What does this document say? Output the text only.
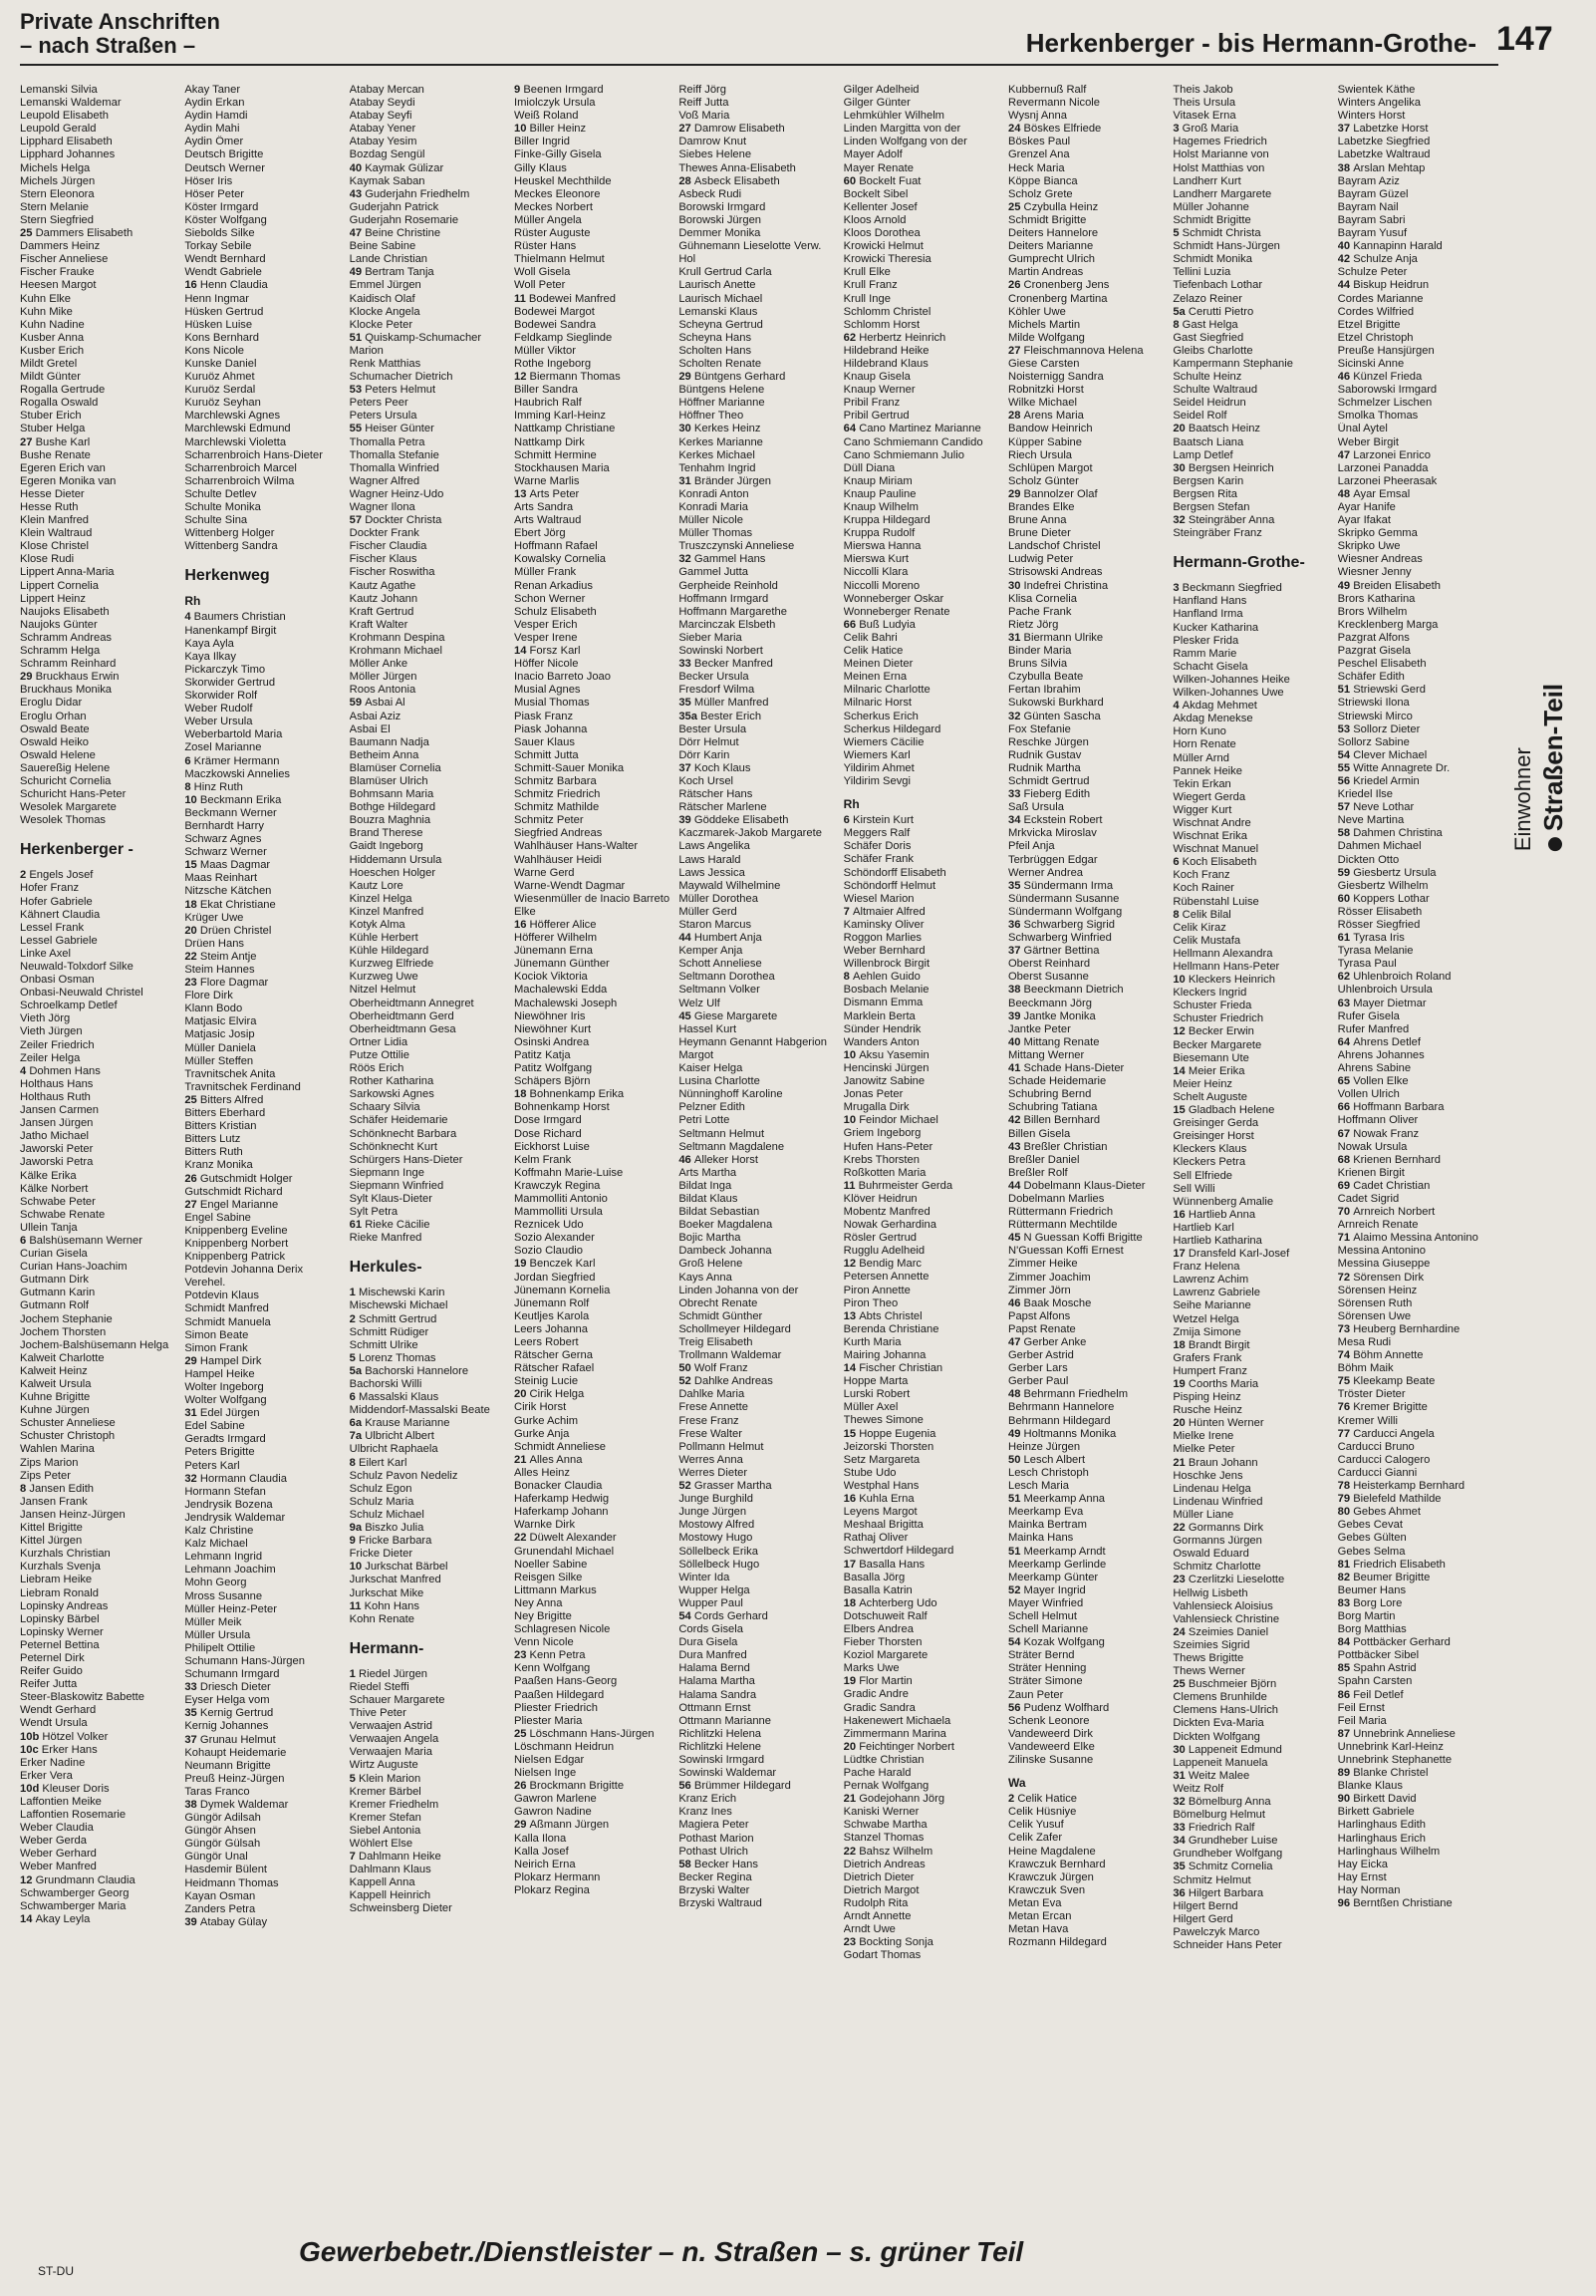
Private Anschriften
– nach Straßen –	Herkenberger - bis Hermann-Grothe- 147
Lemanski Silvia
Lemanski Waldemar
Leupold Elisabeth
Leupold Gerald
Lipphard Elisabeth
Lipphard Johannes
Michels Helga
Michels Jürgen
Stern Eleonora
Stern Melanie
Stern Siegfried
25 Dammers Elisabeth
Dammers Heinz
Fischer Anneliese
Fischer Frauke
Heesen Margot
Kuhn Elke
Kuhn Mike
Kuhn Nadine
Kusber Anna
Kusber Erich
Mildt Gretel
Mildt Günter
Rogalla Gertrude
Rogalla Oswald
Stuber Erich
Stuber Helga
27 Bushe Karl
Bushe Renate
Egeren Erich van
Egeren Monika van
Hesse Dieter
Hesse Ruth
Klein Manfred
Klein Waltraud
Klose Christel
Klose Rudi
Lippert Anna-Maria
Lippert Cornelia
Lippert Heinz
Naujoks Elisabeth
Naujoks Günter
Schramm Andreas
Schramm Helga
Schramm Reinhard
29 Bruckhaus Erwin
Bruckhaus Monika
Eroglu Didar
Eroglu Orhan
Oswald Beate
Oswald Heiko
Oswald Helene
Sauereßig Helene
Schuricht Cornelia
Schuricht Hans-Peter
Wesolek Margarete
Wesolek Thomas
Herkenberger -
2 Engels Josef
Hofer Franz
Hofer Gabriele
Kähnert Claudia
Lessel Frank
Lessel Gabriele
Linke Axel
Neuwald-Tolxdorf Silke
Onbasi Osman
Onbasi-Neuwald Christel
Schroelkamp Detlef
Vieth Jörg
Vieth Jürgen
Zeiler Friedrich
Zeiler Helga
4 Dohmen Hans
Holthaus Hans
Holthaus Ruth
Jansen Carmen
Jansen Jürgen
Jatho Michael
Jaworski Peter
Jaworski Petra
Kälke Erika
Kälke Norbert
Schwabe Peter
Schwabe Renate
Ullein Tanja
6 Balshüsemann Werner
Curian Gisela
Curian Hans-Joachim
Gutmann Dirk
Gutmann Karin
Gutmann Rolf
Jochem Stephanie
Jochem Thorsten
Jochem-Balshüsemann Helga
Kalweit Charlotte
Kalweit Heinz
Kalweit Ursula
Kuhne Brigitte
Kuhne Jürgen
Schuster Anneliese
Schuster Christoph
Wahlen Marina
Zips Marion
Zips Peter
8 Jansen Edith
Jansen Frank
Jansen Heinz-Jürgen
Kittel Brigitte
Kittel Jürgen
Kurzhals Christian
Kurzhals Svenja
Liebram Heike
Liebram Ronald
Lopinsky Andreas
Lopinsky Bärbel
Lopinsky Werner
Peternel Bettina
Peternel Dirk
Reifer Guido
Reifer Jutta
Steer-Blaskowitz Babette
Wendt Gerhard
Wendt Ursula
10b Hötzel Volker
10c Erker Hans
Erker Nadine
Erker Vera
10d Kleuser Doris
Laffontien Meike
Laffontien Rosemarie
Weber Claudia
Weber Gerda
Weber Gerhard
Weber Manfred
12 Grundmann Claudia
Schwamberger Georg
Schwamberger Maria
14 Akay Leyla
Akay Taner
Aydin Erkan
Aydin Hamdi
Aydin Mahi
Aydin Ömer
Deutsch Brigitte
Deutsch Werner
Höser Iris
Höser Peter
Köster Irmgard
Köster Wolfgang
Siebolds Silke
Torkay Sebile
Wendt Bernhard
Wendt Gabriele
16 Henn Claudia
Henn Ingmar
Hüsken Gertrud
Hüsken Luise
Kons Bernhard
Kons Nicole
Kunske Daniel
Kuruöz Ahmet
Kuruöz Serdal
Kuruöz Seyhan
Marchlewski Agnes
Marchlewski Edmund
Marchlewski Violetta
Scharrenbroich Hans-Dieter
Scharrenbroich Marcel
Scharrenbroich Wilma
Schulte Detlev
Schulte Monika
Schulte Sina
Wittenberg Holger
Wittenberg Sandra
Herkenweg
Rh
4 Baumers Christian
Hanenkampf Birgit
Kaya Ayla
Kaya Ilkay
Pickarczyk Timo
Skorwider Gertrud
Skorwider Rolf
Weber Rudolf
Weber Ursula
Weberbartold Maria
Zosel Marianne
6 Krämer Hermann
Maczkowski Annelies
8 Hinz Ruth
10 Beckmann Erika
Beckmann Werner
Bernhardt Harry
Schwarz Agnes
Schwarz Werner
15 Maas Dagmar
Maas Reinhart
Nitzsche Kätchen
18 Ekat Christiane
Krüger Uwe
20 Drüen Christel
Drüen Hans
22 Steim Antje
Steim Hannes
23 Flore Dagmar
Flore Dirk
Klann Bodo
Matjasic Elvira
Matjasic Josip
Müller Daniela
Müller Steffen
Travnitschek Anita
Travnitschek Ferdinand
25 Bitters Alfred
Bitters Eberhard
Bitters Kristian
Bitters Lutz
Bitters Ruth
Kranz Monika
26 Gutschmidt Holger
Gutschmidt Richard
27 Engel Marianne
Engel Sabine
Knippenberg Eveline
Knippenberg Norbert
Knippenberg Patrick
Potdevin Johanna Derix Verehel.
Potdevin Klaus
Schmidt Manfred
Schmidt Manuela
Simon Beate
Simon Frank
29 Hampel Dirk
Hampel Heike
Wolter Ingeborg
Wolter Wolfgang
31 Edel Jürgen
Edel Sabine
Geradts Irmgard
Peters Brigitte
Peters Karl
32 Hormann Claudia
Hormann Stefan
Jendrysik Bozena
Jendrysik Waldemar
Kalz Christine
Kalz Michael
Lehmann Ingrid
Lehmann Joachim
Mohn Georg
Mross Susanne
Müller Heinz-Peter
Müller Meik
Müller Ursula
Philipelt Ottilie
Schumann Hans-Jürgen
Schumann Irmgard
33 Driesch Dieter
Eyser Helga vom
35 Kernig Gertrud
Kernig Johannes
37 Grunau Helmut
Kohaupt Heidemarie
Neumann Brigitte
Preuß Heinz-Jürgen
Taras Franco
38 Dymek Waldemar
Güngör Adilsah
Güngör Ahsen
Güngör Gülsah
Güngör Unal
Hasdemir Bülent
Heidmann Thomas
Kayan Osman
Zanders Petra
39 Atabay Gülay
Atabay Mercan
Atabay Seydi
Atabay Seyfi
Atabay Yener
Atabay Yesim
Bozdag Sengül
40 Kaymak Gülizar
Kaymak Saban
43 Guderjahn Friedhelm
Guderjahn Patrick
Guderjahn Rosemarie
47 Beine Christine
Beine Sabine
Lande Christian
49 Bertram Tanja
Emmel Jürgen
Kaidisch Olaf
Klocke Angela
Klocke Peter
51 Quiskamp-Schumacher Marion
Renk Matthias
Schumacher Dietrich
53 Peters Helmut
Peters Peer
Peters Ursula
55 Heiser Günter
Thomalla Petra
Thomalla Stefanie
Thomalla Winfried
Wagner Alfred
Wagner Heinz-Udo
Wagner Ilona
57 Dockter Christa
Dockter Frank
Fischer Claudia
Fischer Klaus
Fischer Roswitha
Kautz Agathe
Kautz Johann
Kraft Gertrud
Kraft Walter
Krohmann Despina
Krohmann Michael
Möller Anke
Möller Jürgen
Roos Antonia
59 Asbai Al
Asbai Aziz
Asbai El
Baumann Nadja
Betheim Anna
Blamüser Cornelia
Blamüser Ulrich
Bohmsann Maria
Bothge Hildegard
Bouzra Maghnia
Brand Therese
Gaidt Ingeborg
Hiddemann Ursula
Hoeschen Holger
Kautz Lore
Kinzel Helga
Kinzel Manfred
Kotyk Alma
Kühle Herbert
Kühle Hildegard
Kurzweg Elfriede
Kurzweg Uwe
Nitzel Helmut
Oberheidtmann Annegret
Oberheidtmann Gerd
Oberheidtmann Gesa
Ortner Lidia
Putze Ottilie
Röös Erich
Rother Katharina
Sarkowski Agnes
Schaary Silvia
Schäfer Heidemarie
Schönknecht Barbara
Schönknecht Kurt
Schürgers Hans-Dieter
Siepmann Inge
Siepmann Winfried
Sylt Klaus-Dieter
Sylt Petra
61 Rieke Cäcilie
Rieke Manfred
Herkules-
1 Mischewski Karin
Mischewski Michael
2 Schmitt Gertrud
Schmitt Rüdiger
Schmitt Ulrike
5 Lorenz Thomas
5a Bachorski Hannelore
Bachorski Willi
6 Massalski Klaus
Middendorf-Massalski Beate
6a Krause Marianne
7a Ulbricht Albert
Ulbricht Raphaela
8 Eilert Karl
Schulz Pavon Nedeliz
Schulz Egon
Schulz Maria
Schulz Michael
9a Biszko Julia
9 Fricke Barbara
Fricke Dieter
10 Jurkschat Bärbel
Jurkschat Manfred
Jurkschat Mike
11 Kohn Hans
Kohn Renate
Hermann-
1 Riedel Jürgen
Riedel Steffi
Schauer Margarete
Thive Peter
Verwaajen Astrid
Verwaajen Angela
Verwaajen Maria
Wirtz Auguste
5 Klein Marion
Kremer Bärbel
Kremer Friedhelm
Kremer Stefan
Siebel Antonia
Wöhlert Else
7 Dahlmann Heike
Dahlmann Klaus
Kappell Anna
Kappell Heinrich
Schweinsberg Dieter
9 Beenen Irmgard
Imiolczyk Ursula
Weiß Roland
10 Biller Heinz
Biller Ingrid
Finke-Gilly Gisela
Gilly Klaus
Heuskel Mechthilde
Meckes Eleonore
Meckes Norbert
Müller Angela
Rüster Auguste
Rüster Hans
Thielmann Helmut
Woll Gisela
Woll Peter
11 Bodewei Manfred
Bodewei Margot
Bodewei Sandra
Feldkamp Sieglinde
Müller Viktor
Rothe Ingeborg
12 Biermann Thomas
Biller Sandra
Haubrich Ralf
Imming Karl-Heinz
Nattkamp Christiane
Nattkamp Dirk
Schmitt Hermine
Stockhausen Maria
Warne Marlis
13 Arts Peter
Arts Sandra
Arts Waltraud
Ebert Jörg
Hoffmann Rafael
Kowalsky Cornelia
Müller Frank
Renan Arkadius
Schon Werner
Schulz Elisabeth
Vesper Erich
Vesper Irene
14 Forsz Karl
Höffer Nicole
Inacio Barreto Joao
Musial Agnes
Musial Thomas
Piask Franz
Piask Johanna
Sauer Klaus
Schmitt Jutta
Schmitt-Sauer Monika
Schmitz Barbara
Schmitz Friedrich
Schmitz Mathilde
Schmitz Peter
Siegfried Andreas
Wahlhäuser Hans-Walter
Wahlhäuser Heidi
Warne Gerd
Warne-Wendt Dagmar
Wiesenmüller de Inacio Barreto Elke
16 Höfferer Alice
Höfferer Wilhelm
Jünemann Erna
Jünemann Günther
Kociok Viktoria
Machalewski Edda
Machalewski Joseph
Niewöhner Iris
Niewöhner Kurt
Osinski Andrea
Patitz Katja
Patitz Wolfgang
Schäpers Björn
18 Bohnenkamp Erika
Bohnenkamp Horst
Dose Irmgard
Dose Richard
Eickhorst Luise
Kelm Frank
Koffmahn Marie-Luise
Krawczyk Regina
Mammolliti Antonio
Mammolliti Ursula
Reznicek Udo
Sozio Alexander
Sozio Claudio
19 Benczek Karl
Jordan Siegfried
Jünemann Kornelia
Jünemann Rolf
Keutljes Karola
Leers Johanna
Leers Robert
Rätscher Gerna
Rätscher Rafael
Steinig Lucie
20 Cirik Helga
Cirik Horst
Gurke Achim
Gurke Anja
Schmidt Anneliese
21 Alles Anna
Alles Heinz
Bonacker Claudia
Haferkamp Hedwig
Haferkamp Johann
Warnke Dirk
22 Düwelt Alexander
Grunendahl Michael
Noeller Sabine
Reisgen Silke
Littmann Markus
Ney Anna
Ney Brigitte
Schlagresen Nicole
Venn Nicole
23 Kenn Petra
Kenn Wolfgang
Paaßen Hans-Georg
Paaßen Hildegard
Pliester Friedrich
Pliester Maria
25 Löschmann Hans-Jürgen
Löschmann Heidrun
Nielsen Edgar
Nielsen Inge
26 Brockmann Brigitte
Gawron Marlene
Gawron Nadine
29 Aßmann Jürgen
Kalla Ilona
Kalla Josef
Neirich Erna
Plokarz Hermann
Plokarz Regina
Reiff Jörg
Reiff Jutta
Voß Maria
27 Damrow Elisabeth
Damrow Knut
Siebes Helene
Thewes Anna-Elisabeth
28 Asbeck Elisabeth
Asbeck Rudi
Borowski Irmgard
Borowski Jürgen
Demmer Monika
Gühnemann Lieselotte Verw. Hol
Krull Gertrud Carla
Laurisch Anette
Laurisch Michael
Lemanski Klaus
Scheyna Gertrud
Scheyna Hans
Scholten Hans
Scholten Renate
29 Büntgens Gerhard
Büntgens Helene
Höffner Marianne
Höffner Theo
30 Kerkes Heinz
Kerkes Marianne
Kerkes Michael
Tenhahm Ingrid
31 Bränder Jürgen
Konradi Anton
Konradi Maria
Müller Nicole
Müller Thomas
Truszczynski Anneliese
32 Gammel Hans
Gammel Jutta
Gerpheide Reinhold
Hoffmann Irmgard
Hoffmann Margarethe
Marcinczak Elsbeth
Sieber Maria
Sowinski Norbert
33 Becker Manfred
Becker Ursula
Fresdorf Wilma
35 Müller Manfred
35a Bester Erich
Bester Ursula
Dörr Helmut
Dörr Karin
37 Koch Klaus
Koch Ursel
Rätscher Hans
Rätscher Marlene
39 Göddeke Elisabeth
Kaczmarek-Jakob Margarete
Laws Angelika
Laws Harald
Laws Jessica
Maywald Wilhelmine
Müller Dorothea
Müller Gerd
Staron Marcus
44 Humbert Anja
Kemper Anja
Schott Anneliese
Seltmann Dorothea
Seltmann Volker
Welz Ulf
45 Giese Margarete
Hassel Kurt
Heymann Genannt Habgerion Margot
Kaiser Helga
Lusina Charlotte
Nünninghoff Karoline
Pelzner Edith
Petri Lotte
Seltmann Helmut
Seltmann Magdalene
46 Alleker Horst
Arts Martha
Bildat Inga
Bildat Klaus
Bildat Sebastian
Boeker Magdalena
Bojic Martha
Dambeck Johanna
Groß Helene
Kays Anna
Linden Johanna von der
Obrecht Renate
Schmidt Günther
Schollmeyer Hildegard
Treig Elisabeth
Trollmann Waldemar
50 Wolf Franz
52 Dahlke Andreas
Dahlke Maria
Frese Annette
Frese Franz
Frese Walter
Pollmann Helmut
Werres Anna
Werres Dieter
52 Grasser Martha
Junge Burghild
Junge Jürgen
Mostowy Alfred
Mostowy Hugo
Söllelbeck Erika
Söllelbeck Hugo
Winter Ida
Wupper Helga
Wupper Paul
54 Cords Gerhard
Cords Gisela
Dura Gisela
Dura Manfred
Halama Bernd
Halama Martha
Halama Sandra
Ottmann Ernst
Ottmann Marianne
Richlitzki Helena
Richlitzki Helene
Sowinski Irmgard
Sowinski Waldemar
56 Brümmer Hildegard
Kranz Erich
Kranz Ines
Magiera Peter
Pothast Marion
Pothast Ulrich
58 Becker Hans
Becker Regina
Brzyski Walter
Brzyski Waltraud
Gilger Adelheid
Gilger Günter
Lehmkühler Wilhelm
Linden Margitta von der
Linden Wolfgang von der
Mayer Adolf
Mayer Renate
60 Bockelt Fuat
Bockelt Sibel
Kellenter Josef
Kloos Arnold
Kloos Dorothea
Krowicki Helmut
Krowicki Theresia
Krull Elke
Krull Franz
Krull Inge
Schlomm Christel
Schlomm Horst
62 Herbertz Heinrich
Hildebrand Heike
Hildebrand Klaus
Knaup Gisela
Knaup Werner
Pribil Franz
Pribil Gertrud
64 Cano Martinez Marianne
Cano Schmiemann Candido
Cano Schmiemann Julio
Düll Diana
Knaup Miriam
Knaup Pauline
Knaup Wilhelm
Kruppa Hildegard
Kruppa Rudolf
Mierswa Hanna
Mierswa Kurt
Niccolli Klara
Niccolli Moreno
Wonneberger Oskar
Wonneberger Renate
66 Buß Ludyia
Celik Bahri
Celik Hatice
Meinen Dieter
Meinen Erna
Milnaric Charlotte
Milnaric Horst
Scherkus Erich
Scherkus Hildegard
Wiemers Cäcilie
Wiemers Karl
Yildirim Ahmet
Yildirim Sevgi
Rh
6 Kirstein Kurt
Meggers Ralf
Schäfer Doris
Schäfer Frank
Schöndorff Elisabeth
Schöndorff Helmut
Wiesel Marion
7 Altmaier Alfred
Kaminsky Oliver
Roggon Marlies
Weber Bernhard
Willenbrock Birgit
8 Aehlen Guido
Bosbach Melanie
Dismann Emma
Marklein Berta
Sünder Hendrik
Wanders Anton
10 Aksu Yasemin
Hencinski Jürgen
Janowitz Sabine
Jonas Peter
Mrugalla Dirk
10 Feindor Michael
Griem Ingeborg
Hufen Hans-Peter
Krebs Thorsten
Roßkotten Maria
11 Buhrmeister Gerda
Klöver Heidrun
Mobentz Manfred
Nowak Gerhardina
Rösler Gertrud
Rugglu Adelheid
12 Bendig Marc
Petersen Annette
Piron Annette
Piron Theo
13 Abts Christel
Berenda Christiane
Kurth Maria
Mairing Johanna
14 Fischer Christian
Hoppe Marta
Lurski Robert
Müller Axel
Thewes Simone
15 Hoppe Eugenia
Jeizorski Thorsten
Setz Margareta
Stube Udo
Westphal Hans
16 Kuhla Erna
Leyens Margot
Meshaal Brigitta
Rathaj Oliver
Schwertdorf Hildegard
17 Basalla Hans
Basalla Jörg
Basalla Katrin
18 Achterberg Udo
Dotschuweit Ralf
Elbers Andrea
Fieber Thorsten
Koziol Margarete
Marks Uwe
19 Flor Martin
Gradic Andre
Gradic Sandra
Hakenewert Michaela
Zimmermann Marina
20 Feichtinger Norbert
Lüdtke Christian
Pache Harald
Pernak Wolfgang
21 Godejohann Jörg
Kaniski Werner
Schwabe Martha
Stanzel Thomas
22 Bahsz Wilhelm
Dietrich Andreas
Dietrich Dieter
Dietrich Margot
Rudolph Rita
Arndt Annette
Arndt Uwe
23 Bockting Sonja
Godart Thomas
Kubbernuß Ralf
Revermann Nicole
Wysnj Anna
24 Böskes Elfriede
Böskes Paul
Grenzel Ana
Heck Maria
Köppe Bianca
Scholz Grete
25 Czybulla Heinz
Schmidt Brigitte
Deiters Hannelore
Deiters Marianne
Gumprecht Ulrich
Martin Andreas
26 Cronenberg Jens
Cronenberg Martina
Köhler Uwe
Michels Martin
Milde Wolfgang
27 Fleischmannova Helena
Giese Carsten
Noisternigg Sandra
Robnitzki Horst
Wilke Michael
28 Arens Maria
Bandow Heinrich
Küpper Sabine
Riech Ursula
Schlüpen Margot
Scholz Günter
29 Bannolzer Olaf
Brandes Elke
Brune Anna
Brune Dieter
Landschof Christel
Ludwig Peter
Strisowski Andreas
30 Indefrei Christina
Klisa Cornelia
Pache Frank
Rietz Jörg
31 Biermann Ulrike
Binder Maria
Bruns Silvia
Czybulla Beate
Fertan Ibrahim
Sukowski Burkhard
32 Günten Sascha
Fox Stefanie
Reschke Jürgen
Rudnik Gustav
Rudnik Martha
Schmidt Gertrud
33 Fieberg Edith
Saß Ursula
34 Eckstein Robert
Mrkvicka Miroslav
Pfeil Anja
Terbrüggen Edgar
Werner Andrea
35 Sündermann Irma
Sündermann Susanne
Sündermann Wolfgang
36 Schwarberg Sigrid
Schwarberg Winfried
37 Gärtner Bettina
Oberst Reinhard
Oberst Susanne
38 Beeckmann Dietrich
Beeckmann Jörg
39 Jantke Monika
Jantke Peter
40 Mittang Renate
Mittang Werner
41 Schade Hans-Dieter
Schade Heidemarie
Schubring Bernd
Schubring Tatiana
42 Billen Bernhard
Billen Gisela
43 Breßler Christian
Breßler Daniel
Breßler Rolf
44 Dobelmann Klaus-Dieter
Dobelmann Marlies
Rüttermann Friedrich
Rüttermann Mechtilde
45 N Guessan Koffi Brigitte
N'Guessan Koffi Ernest
Zimmer Heike
Zimmer Joachim
Zimmer Jörn
46 Baak Mosche
Papst Alfons
Papst Renate
47 Gerber Anke
Gerber Astrid
Gerber Lars
Gerber Paul
48 Behrmann Friedhelm
Behrmann Hannelore
Behrmann Hildegard
49 Holtmanns Monika
Heinze Jürgen
50 Lesch Albert
Lesch Christoph
Lesch Maria
51 Meerkamp Anna
Meerkamp Eva
Mainka Bertram
Mainka Hans
51 Meerkamp Arndt
Meerkamp Gerlinde
Meerkamp Günter
52 Mayer Ingrid
Mayer Winfried
Schell Helmut
Schell Marianne
54 Kozak Wolfgang
Sträter Bernd
Sträter Henning
Sträter Simone
Zaun Peter
56 Pudenz Wolfhard
Schenk Leonore
Vandeweerd Dirk
Vandeweerd Elke
Zilinske Susanne
Wa
2 Celik Hatice
Celik Hüsniye
Celik Yusuf
Celik Zafer
Heine Magdalene
Krawczuk Bernhard
Krawczuk Jürgen
Krawczuk Sven
Metan Eva
Metan Ercan
Metan Hava
Rozmann Hildegard
Theis Jakob
Theis Ursula
Vitasek Erna
3 Groß Maria
Hagemes Friedrich
Holst Marianne von
Holst Matthias von
Landherr Kurt
Landherr Margarete
Müller Johanne
Schmidt Brigitte
5 Schmidt Christa
Schmidt Hans-Jürgen
Schmidt Monika
Tellini Luzia
Tiefenbach Lothar
Zelazo Reiner
5a Cerutti Pietro
8 Gast Helga
Gast Siegfried
Gleibs Charlotte
Kampermann Stephanie
Schulte Heinz
Schulte Waltraud
Seidel Heidrun
Seidel Rolf
20 Baatsch Heinz
Baatsch Liana
Lamp Detlef
30 Bergsen Heinrich
Bergsen Karin
Bergsen Rita
Bergsen Stefan
32 Steingräber Anna
Steingräber Franz
Hermann-Grothe-
3 Beckmann Siegfried
Hanfland Hans
Hanfland Irma
Kucker Katharina
Plesker Frida
Ramm Marie
Schacht Gisela
Wilken-Johannes Heike
Wilken-Johannes Uwe
4 Akdag Mehmet
Akdag Menekse
Horn Kuno
Horn Renate
Müller Arnd
Pannek Heike
Tekin Erkan
Wiegert Gerda
Wigger Kurt
Wischnat Andre
Wischnat Erika
Wischnat Manuel
6 Koch Elisabeth
Koch Franz
Koch Rainer
Rübenstahl Luise
8 Celik Bilal
Celik Kiraz
Celik Mustafa
Hellmann Alexandra
Hellmann Hans-Peter
10 Kleckers Heinrich
Kleckers Ingrid
Schuster Frieda
Schuster Friedrich
12 Becker Erwin
Becker Margarete
Biesemann Ute
14 Meier Erika
Meier Heinz
Schelt Auguste
15 Gladbach Helene
Greisinger Gerda
Greisinger Horst
Kleckers Klaus
Kleckers Petra
Sell Elfriede
Sell Willi
Wünnenberg Amalie
16 Hartlieb Anna
Hartlieb Karl
Hartlieb Katharina
17 Dransfeld Karl-Josef
Franz Helena
Lawrenz Achim
Lawrenz Gabriele
Seihe Marianne
Wetzel Helga
Zmija Simone
18 Brandt Birgit
Grafers Frank
Humpert Franz
19 Coorths Maria
Pisping Heinz
Rusche Heinz
20 Hünten Werner
Mielke Irene
Mielke Peter
21 Braun Johann
Hoschke Jens
Lindenau Helga
Lindenau Winfried
Müller Liane
22 Gormanns Dirk
Gormanns Jürgen
Oswald Eduard
Schmitz Charlotte
23 Czerlitzki Lieselotte
Hellwig Lisbeth
Vahlensieck Aloisius
Vahlensieck Christine
24 Szeimies Daniel
Szeimies Sigrid
Thews Brigitte
Thews Werner
25 Buschmeier Björn
Clemens Brunhilde
Clemens Hans-Ulrich
Dickten Eva-Maria
Dickten Wolfgang
30 Lappeneit Edmund
Lappeneit Manuela
31 Weitz Malee
Weitz Rolf
32 Bömelburg Anna
Bömelburg Helmut
33 Friedrich Ralf
34 Grundheber Luise
Grundheber Wolfgang
35 Schmitz Cornelia
Schmitz Helmut
36 Hilgert Barbara
Hilgert Bernd
Hilgert Gerd
Pawelczyk Marco
Schneider Hans Peter
Swientek Käthe
Winters Angelika
Winters Horst
37 Labetzke Horst
Labetzke Siegfried
Labetzke Waltraud
38 Arslan Mehtap
Bayram Aziz
Bayram Güzel
Bayram Nail
Bayram Sabri
Bayram Yusuf
40 Kannapinn Harald
42 Schulze Anja
Schulze Peter
44 Biskup Heidrun
Cordes Marianne
Cordes Wilfried
Etzel Brigitte
Etzel Christoph
Preuße Hansjürgen
Sicinski Anne
46 Künzel Frieda
Saborowski Irmgard
Schmelzer Lischen
Smolka Thomas
Ünal Aytel
Weber Birgit
47 Larzonei Enrico
Larzonei Panadda
Larzonei Pheerasak
48 Ayar Emsal
Ayar Hanife
Ayar Ifakat
Skripko Gemma
Skripko Uwe
Wiesner Andreas
Wiesner Jenny
49 Breiden Elisabeth
Brors Katharina
Brors Wilhelm
Krecklenberg Marga
Pazgrat Alfons
Pazgrat Gisela
Peschel Elisabeth
Schäfer Edith
51 Striewski Gerd
Striewski Ilona
Striewski Mirco
53 Sollorz Dieter
Sollorz Sabine
54 Clever Michael
55 Witte Annagrete Dr.
56 Kriedel Armin
Kriedel Ilse
57 Neve Lothar
Neve Martina
58 Dahmen Christina
Dahmen Michael
Dickten Otto
59 Giesbertz Ursula
Giesbertz Wilhelm
60 Koppers Lothar
Rösser Elisabeth
Rösser Siegfried
61 Tyrasa Iris
Tyrasa Melanie
Tyrasa Paul
62 Uhlenbroich Roland
Uhlenbroich Ursula
63 Mayer Dietmar
Rufer Gisela
Rufer Manfred
64 Ahrens Detlef
Ahrens Johannes
Ahrens Sabine
65 Vollen Elke
Vollen Ulrich
66 Hoffmann Barbara
Hoffmann Oliver
67 Nowak Franz
Nowak Ursula
68 Krienen Bernhard
Krienen Birgit
69 Cadet Christian
Cadet Sigrid
70 Arnreich Norbert
Arnreich Renate
71 Alaimo Messina Antonino
Messina Antonino
Messina Giuseppe
72 Sörensen Dirk
Sörensen Heinz
Sörensen Ruth
Sörensen Uwe
73 Heuberg Bernhardine
Mesa Rudi
74 Böhm Annette
Böhm Maik
75 Kleekamp Beate
Tröster Dieter
76 Kremer Brigitte
Kremer Willi
77 Carducci Angela
Carducci Bruno
Carducci Calogero
Carducci Gianni
78 Heisterkamp Bernhard
79 Bielefeld Mathilde
80 Gebes Ahmet
Gebes Cevat
Gebes Gülten
Gebes Selma
81 Friedrich Elisabeth
82 Beumer Brigitte
Beumer Hans
83 Borg Lore
Borg Martin
Borg Matthias
84 Pottbäcker Gerhard
Pottbäcker Sibel
85 Spahn Astrid
Spahn Carsten
86 Feil Detlef
Feil Ernst
Feil Maria
87 Unnebrink Anneliese
Unnebrink Karl-Heinz
Unnebrink Stephanette
89 Blanke Christel
Blanke Klaus
90 Birkett David
Birkett Gabriele
Harlinghaus Edith
Harlinghaus Erich
Harlinghaus Wilhelm
Hay Eicka
Hay Ernst
Hay Norman
96 Berntßen Christiane
Einwohner Straßen-Teil
Gewerbebetr./Dienstleister – n. Straßen – s. grüner Teil
ST-DU
